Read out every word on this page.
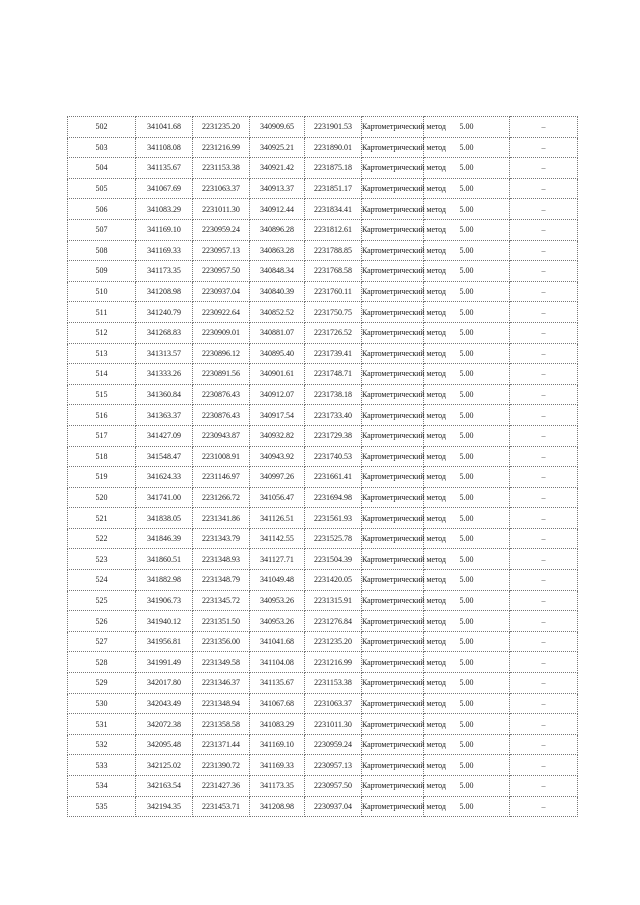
502	341041.68	2231235.20	340909.65	2231901.53	Картометрический метод	5.00	–
503	341108.08	2231216.99	340925.21	2231890.01	Картометрический метод	5.00	–
504	341135.67	2231153.38	340921.42	2231875.18	Картометрический метод	5.00	–
505	341067.69	2231063.37	340913.37	2231851.17	Картометрический метод	5.00	–
506	341083.29	2231011.30	340912.44	2231834.41	Картометрический метод	5.00	–
507	341169.10	2230959.24	340896.28	2231812.61	Картометрический метод	5.00	–
508	341169.33	2230957.13	340863.28	2231788.85	Картометрический метод	5.00	–
509	341173.35	2230957.50	340848.34	2231768.58	Картометрический метод	5.00	–
510	341208.98	2230937.04	340840.39	2231760.11	Картометрический метод	5.00	–
511	341240.79	2230922.64	340852.52	2231750.75	Картометрический метод	5.00	–
512	341268.83	2230909.01	340881.07	2231726.52	Картометрический метод	5.00	–
513	341313.57	2230896.12	340895.40	2231739.41	Картометрический метод	5.00	–
514	341333.26	2230891.56	340901.61	2231748.71	Картометрический метод	5.00	–
515	341360.84	2230876.43	340912.07	2231738.18	Картометрический метод	5.00	–
516	341363.37	2230876.43	340917.54	2231733.40	Картометрический метод	5.00	–
517	341427.09	2230943.87	340932.82	2231729.38	Картометрический метод	5.00	–
518	341548.47	2231008.91	340943.92	2231740.53	Картометрический метод	5.00	–
519	341624.33	2231146.97	340997.26	2231661.41	Картометрический метод	5.00	–
520	341741.00	2231266.72	341056.47	2231694.98	Картометрический метод	5.00	–
521	341838.05	2231341.86	341126.51	2231561.93	Картометрический метод	5.00	–
522	341846.39	2231343.79	341142.55	2231525.78	Картометрический метод	5.00	–
523	341860.51	2231348.93	341127.71	2231504.39	Картометрический метод	5.00	–
524	341882.98	2231348.79	341049.48	2231420.05	Картометрический метод	5.00	–
525	341906.73	2231345.72	340953.26	2231315.91	Картометрический метод	5.00	–
526	341940.12	2231351.50	340953.26	2231276.84	Картометрический метод	5.00	–
527	341956.81	2231356.00	341041.68	2231235.20	Картометрический метод	5.00	–
528	341991.49	2231349.58	341104.08	2231216.99	Картометрический метод	5.00	–
529	342017.80	2231346.37	341135.67	2231153.38	Картометрический метод	5.00	–
530	342043.49	2231348.94	341067.68	2231063.37	Картометрический метод	5.00	–
531	342072.38	2231358.58	341083.29	2231011.30	Картометрический метод	5.00	–
532	342095.48	2231371.44	341169.10	2230959.24	Картометрический метод	5.00	–
533	342125.02	2231390.72	341169.33	2230957.13	Картометрический метод	5.00	–
534	342163.54	2231427.36	341173.35	2230957.50	Картометрический метод	5.00	–
535	342194.35	2231453.71	341208.98	2230937.04	Картометрический метод	5.00	–
